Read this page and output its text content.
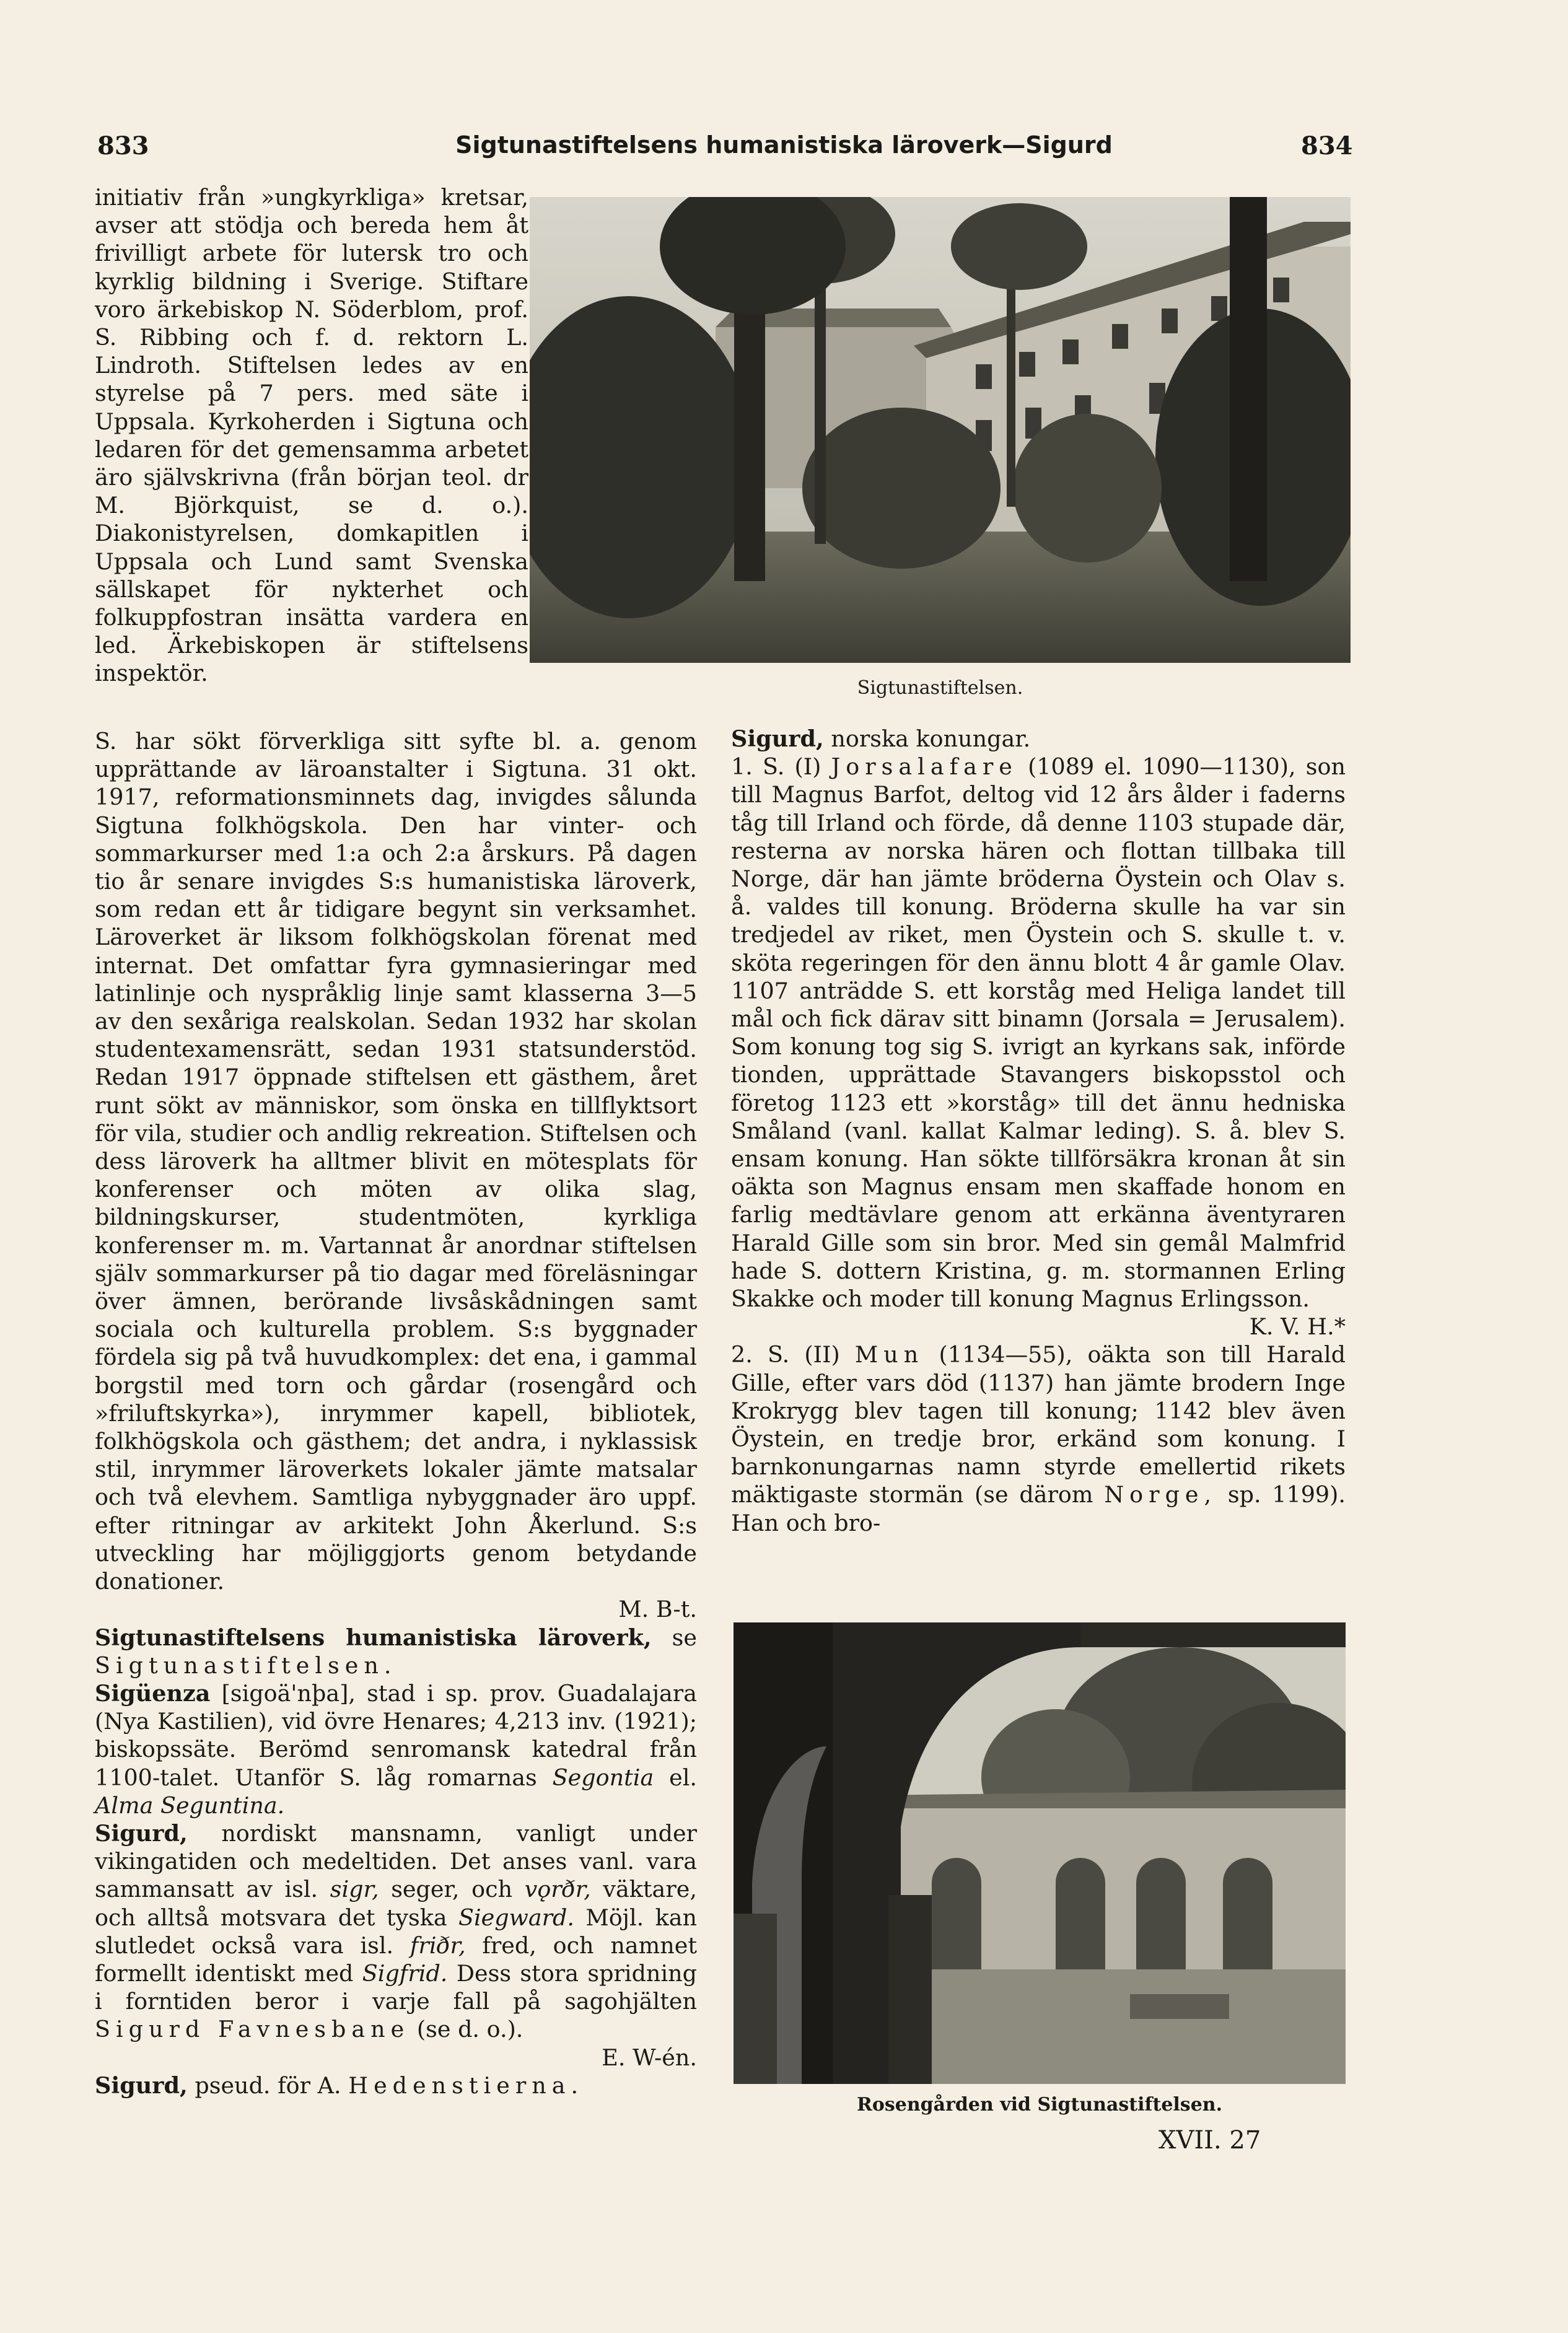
833	Sigtunastiftelsens humanistiska läroverk—Sigurd	834
Sigtunastiftelsen.

initiativ från »ungkyrkliga» kretsar, avser att stödja och bereda hem åt frivilligt arbete för lutersk tro och kyrklig bildning i Sverige. Stiftare voro ärkebiskop N. Söderblom, prof. S. Ribbing och f. d. rektorn L. Lindroth. Stiftelsen ledes av en styrelse på 7 pers. med säte i Uppsala. Kyrkoherden i Sigtuna och ledaren för det gemensamma arbetet äro självskrivna (från början teol. dr M. Björkquist, se d. o.). Diakonistyrelsen, domkapitlen i Uppsala och Lund samt Svenska sällskapet för nykterhet och folkuppfostran insätta vardera en led. Ärkebiskopen är stiftelsens inspektör.

S. har sökt förverkliga sitt syfte bl. a. genom upprättande av läroanstalter i Sigtuna. 31 okt. 1917, reformationsminnets dag, invigdes sålunda Sigtuna folkhögskola. Den har vinter- och sommarkurser med 1:a och 2:a årskurs. På dagen tio år senare invigdes S:s humanistiska läroverk, som redan ett år tidigare begynt sin verksamhet. Läroverket är liksom folkhögskolan förenat med internat. Det omfattar fyra gymnasieringar med latinlinje och nyspråklig linje samt klasserna 3—5 av den sexåriga realskolan. Sedan 1932 har skolan studentexamensrätt, sedan 1931 statsunderstöd. Redan 1917 öppnade stiftelsen ett gästhem, året runt sökt av människor, som önska en tillflyktsort för vila, studier och andlig rekreation. Stiftelsen och dess läroverk ha alltmer blivit en mötesplats för konferenser och möten av olika slag, bildningskurser, studentmöten, kyrkliga konferenser m. m. Vartannat år anordnar stiftelsen själv sommarkurser på tio dagar med föreläsningar över ämnen, berörande livsåskådningen samt sociala och kulturella problem. S:s byggnader fördela sig på två huvudkomplex: det ena, i gammal borgstil med torn och gårdar (rosengård och »friluftskyrka»), inrymmer kapell, bibliotek, folkhögskola och gästhem; det andra, i nyklassisk stil, inrymmer läroverkets lokaler jämte matsalar och två elevhem. Samtliga nybyggnader äro uppf. efter ritningar av arkitekt John Åkerlund. S:s utveckling har möjliggjorts genom betydande donationer.
M. B-t.

Sigtunastiftelsens humanistiska läroverk, se Sigtunastiftelsen.

Sigüenza [sigoä'nþa], stad i sp. prov. Guadalajara (Nya Kastilien), vid övre Henares; 4,213 inv. (1921); biskopssäte. Berömd senromansk katedral från 1100-talet. Utanför S. låg romarnas Segontia el. Alma Seguntina.

Sigurd, nordiskt mansnamn, vanligt under vikingatiden och medeltiden. Det anses vanl. vara sammansatt av isl. sigr, seger, och vǫrðr, väktare, och alltså motsvara det tyska Siegward. Möjl. kan slutledet också vara isl. friðr, fred, och namnet formellt identiskt med Sigfrid. Dess stora spridning i forntiden beror i varje fall på sagohjälten Sigurd Favnesbane (se d. o.).
E. W-én.

Sigurd, pseud. för A. Hedenstierna.

Sigurd, norska konungar.

1. S. (I) Jorsalafare (1089 el. 1090—1130), son till Magnus Barfot, deltog vid 12 års ålder i faderns tåg till Irland och förde, då denne 1103 stupade där, resterna av norska hären och flottan tillbaka till Norge, där han jämte bröderna Öystein och Olav s. å. valdes till konung. Bröderna skulle ha var sin tredjedel av riket, men Öystein och S. skulle t. v. sköta regeringen för den ännu blott 4 år gamle Olav. 1107 anträdde S. ett korståg med Heliga landet till mål och fick därav sitt binamn (Jorsala = Jerusalem). Som konung tog sig S. ivrigt an kyrkans sak, införde tionden, upprättade Stavangers biskopsstol och företog 1123 ett »korståg» till det ännu hedniska Småland (vanl. kallat Kalmar leding). S. å. blev S. ensam konung. Han sökte tillförsäkra kronan åt sin oäkta son Magnus ensam men skaffade honom en farlig medtävlare genom att erkänna äventyraren Harald Gille som sin bror. Med sin gemål Malmfrid hade S. dottern Kristina, g. m. stormannen Erling Skakke och moder till konung Magnus Erlingsson.
K. V. H.*

2. S. (II) Mun (1134—55), oäkta son till Harald Gille, efter vars död (1137) han jämte brodern Inge Krokrygg blev tagen till konung; 1142 blev även Öystein, en tredje bror, erkänd som konung. I barnkonungarnas namn styrde emellertid rikets mäktigaste stormän (se därom Norge, sp. 1199). Han och bro-

Rosengården vid Sigtunastiftelsen.
XVII. 27
